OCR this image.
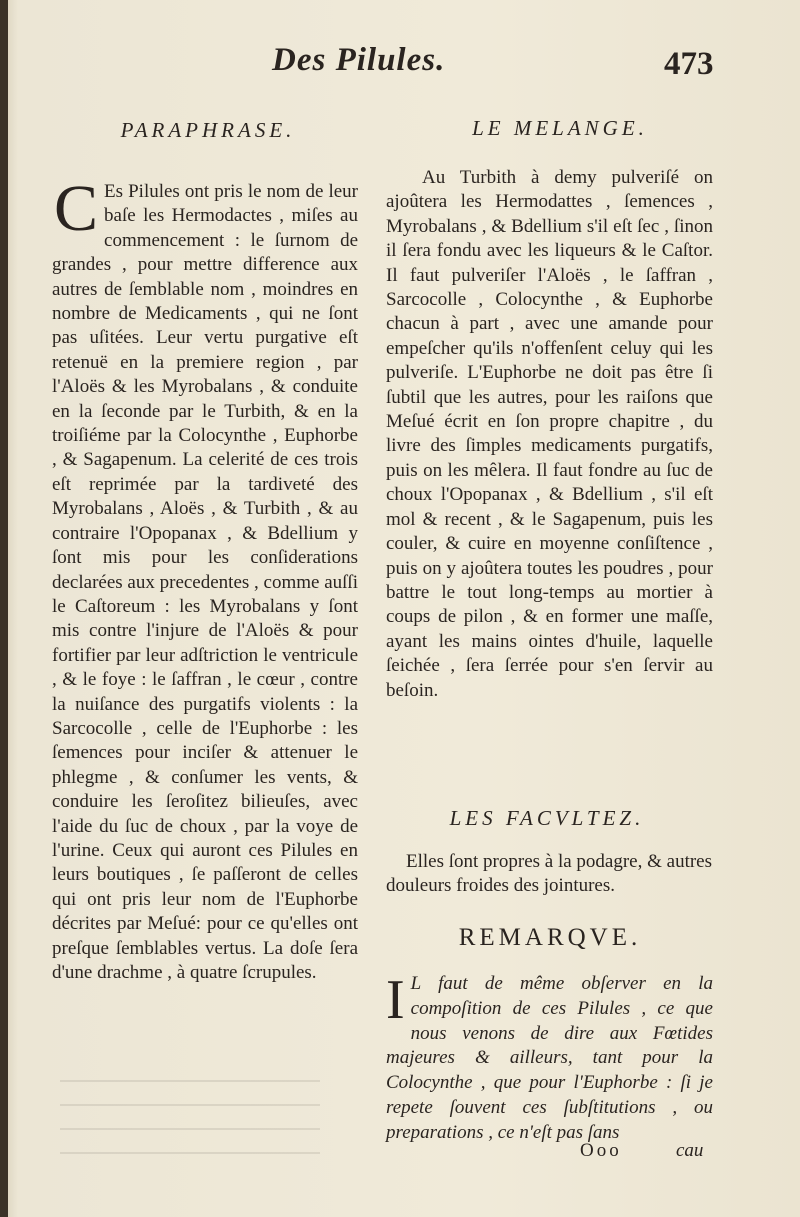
Des Pilules.	473
PARAPHRASE.

C Es Pilules ont pris le nom de leur baſe les Hermodactes , miſes au commencement : le ſurnom de grandes , pour mettre difference aux autres de ſemblable nom , moindres en nombre de Medicaments , qui ne ſont pas uſitées. Leur vertu purgative eſt retenuë en la premiere region , par l'Aloës & les Myrobalans , & conduite en la ſeconde par le Turbith, & en la troiſiéme par la Colocynthe , Euphorbe , & Sagapenum. La celerité de ces trois eſt reprimée par la tardiveté des Myrobalans , Aloës , & Turbith , & au contraire l'Opopanax , & Bdellium y ſont mis pour les conſiderations declarées aux precedentes , comme auſſi le Caſtoreum : les Myrobalans y ſont mis contre l'injure de l'Aloës & pour fortifier par leur adſtriction le ventricule , & le foye : le ſaffran , le cœur , contre la nuiſance des purgatifs violents : la Sarcocolle , celle de l'Euphorbe : les ſemences pour inciſer & attenuer le phlegme , & conſumer les vents, & conduire les ſeroſitez bilieuſes, avec l'aide du ſuc de choux , par la voye de l'urine. Ceux qui auront ces Pilules en leurs boutiques , ſe paſſeront de celles qui ont pris leur nom de l'Euphorbe décrites par Meſué: pour ce qu'elles ont preſque ſemblables vertus. La doſe ſera d'une drachme , à quatre ſcrupules.

LE MELANGE.

Au Turbith à demy pulveriſé on ajoûtera les Hermodattes , ſemences , Myrobalans , & Bdellium s'il eſt ſec , ſinon il ſera fondu avec les liqueurs & le Caſtor. Il faut pulveriſer l'Aloës , le ſaffran , Sarcocolle , Colocynthe , & Euphorbe chacun à part , avec une amande pour empeſcher qu'ils n'offenſent celuy qui les pulveriſe. L'Euphorbe ne doit pas être ſi ſubtil que les autres, pour les raiſons que Meſué écrit en ſon propre chapitre , du livre des ſimples medicaments purgatifs, puis on les mêlera. Il faut fondre au ſuc de choux l'Opopanax , & Bdellium , s'il eſt mol & recent , & le Sagapenum, puis les couler, & cuire en moyenne conſiſtence , puis on y ajoûtera toutes les poudres , pour battre le tout long-temps au mortier à coups de pilon , & en former une maſſe, ayant les mains ointes d'huile, laquelle ſeichée , ſera ſerrée pour s'en ſervir au beſoin.

LES FACVLTEZ.

Elles ſont propres à la podagre, & autres douleurs froides des jointures.

REMARQVE.

I L faut de même obſerver en la compoſition de ces Pilules , ce que nous venons de dire aux Fœtides majeures & ailleurs, tant pour la Colocynthe , que pour l'Euphorbe : ſi je repete ſouvent ces ſubſtitutions , ou preparations , ce n'eſt pas ſans

Ooo	cau
